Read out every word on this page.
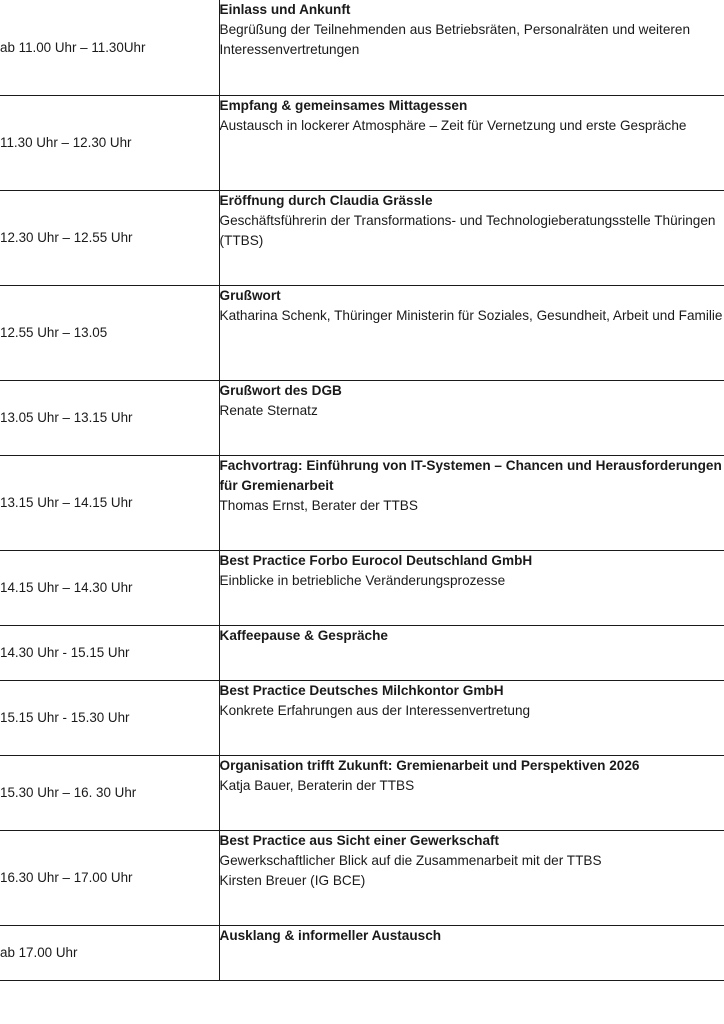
ab 11.00 Uhr – 11.30Uhr	Einlass und Ankunft

Begrüßung der Teilnehmenden aus Betriebsräten, Personalräten und weiteren Interessenvertretungen

11.30 Uhr – 12.30 Uhr	Empfang & gemeinsames Mittagessen

Austausch in lockerer Atmosphäre – Zeit für Vernetzung und erste Gespräche

12.30 Uhr – 12.55 Uhr	Eröffnung durch Claudia Grässle

Geschäftsführerin der Transformations- und Technologieberatungsstelle Thüringen (TTBS)

12.55 Uhr – 13.05	Grußwort

Katharina Schenk, Thüringer Ministerin für Soziales, Gesundheit, Arbeit und Familie

13.05 Uhr – 13.15 Uhr	Grußwort des DGB

Renate Sternatz

13.15 Uhr – 14.15 Uhr	Fachvortrag: Einführung von IT-Systemen – Chancen und Herausforderungen für Gremienarbeit

Thomas Ernst, Berater der TTBS

14.15 Uhr – 14.30 Uhr	Best Practice Forbo Eurocol Deutschland GmbH

Einblicke in betriebliche Veränderungsprozesse

14.30 Uhr - 15.15 Uhr	Kaffeepause & Gespräche

15.15 Uhr - 15.30 Uhr	Best Practice Deutsches Milchkontor GmbH

Konkrete Erfahrungen aus der Interessenvertretung

15.30 Uhr – 16. 30 Uhr	Organisation trifft Zukunft: Gremienarbeit und Perspektiven 2026

Katja Bauer, Beraterin der TTBS

16.30 Uhr – 17.00 Uhr	Best Practice aus Sicht einer Gewerkschaft

Gewerkschaftlicher Blick auf die Zusammenarbeit mit der TTBS

Kirsten Breuer (IG BCE)

ab 17.00 Uhr	Ausklang & informeller Austausch
